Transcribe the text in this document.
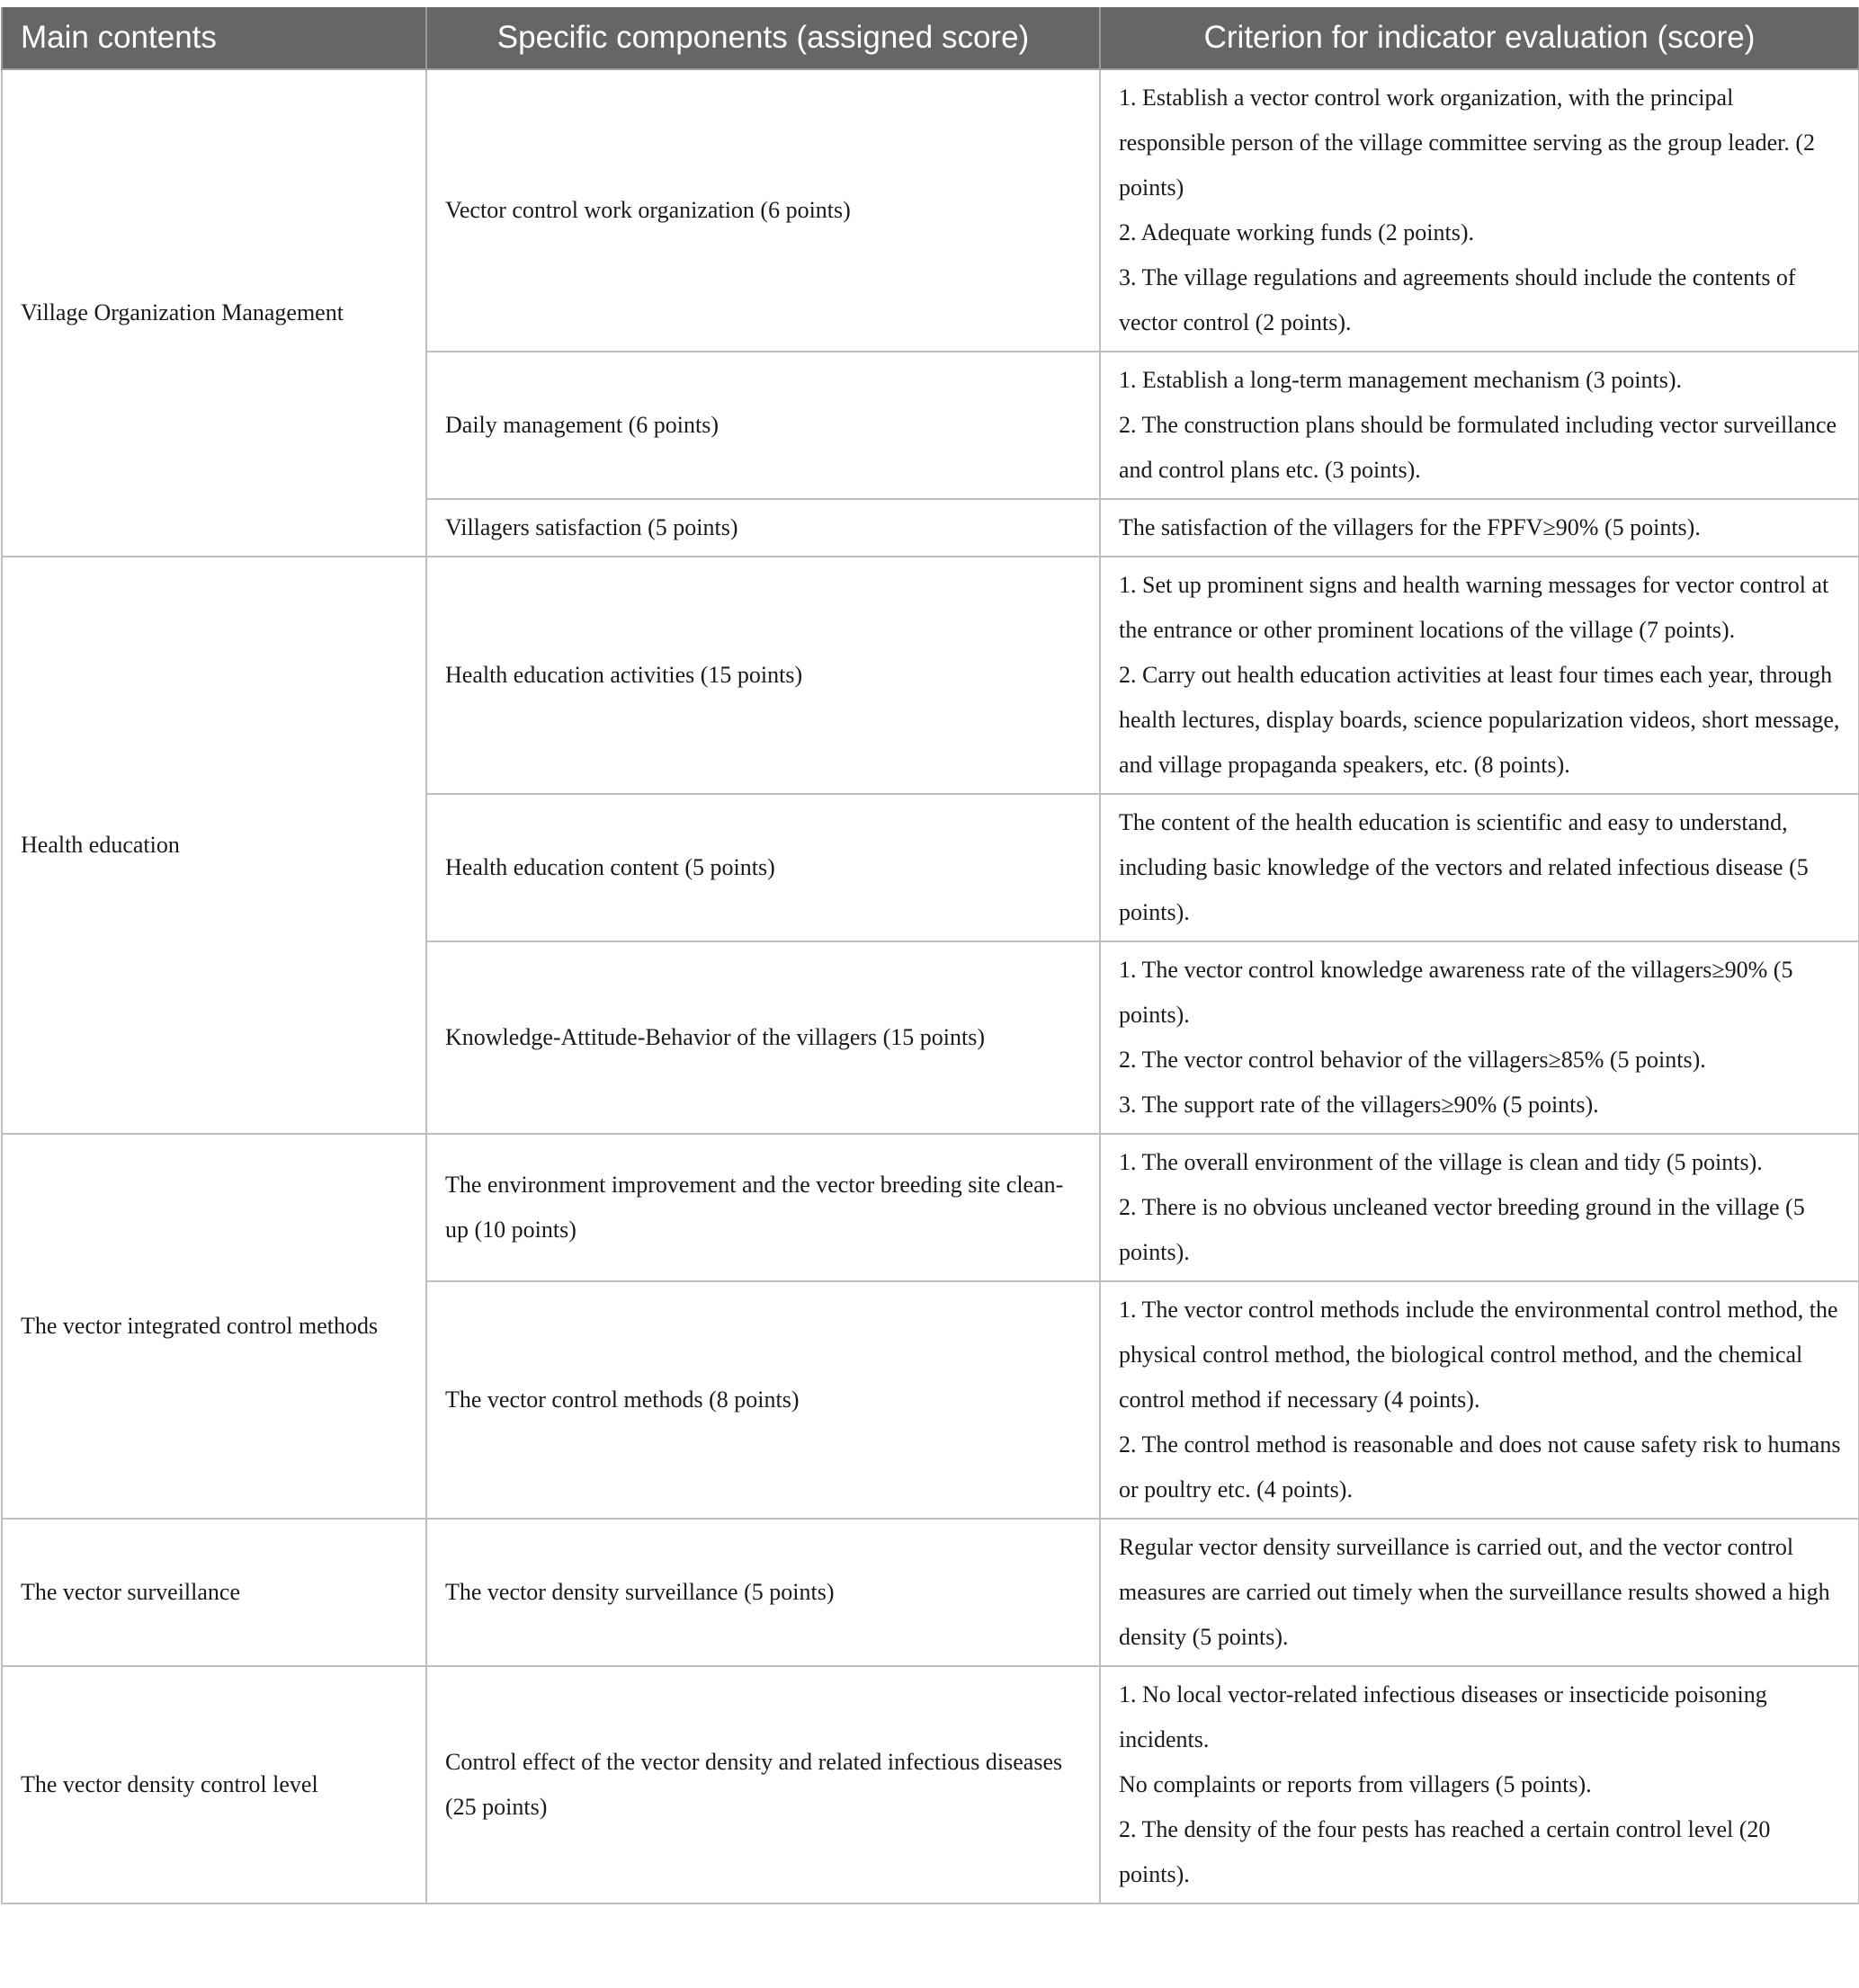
Main contents	Specific components (assigned score)	Criterion for indicator evaluation (score)
Village Organization Management	Vector control work organization (6 points)	1. Establish a vector control work organization, with the principal responsible person of the village committee serving as the group leader. (2 points)
2. Adequate working funds (2 points).
3. The village regulations and agreements should include the contents of vector control (2 points).

	Daily management (6 points)	1. Establish a long-term management mechanism (3 points).
2. The construction plans should be formulated including vector surveillance and control plans etc. (3 points).

	Villagers satisfaction (5 points)	The satisfaction of the villagers for the FPFV≥90% (5 points).

Health education	Health education activities (15 points)	1. Set up prominent signs and health warning messages for vector control at the entrance or other prominent locations of the village (7 points).
2. Carry out health education activities at least four times each year, through health lectures, display boards, science popularization videos, short message, and village propaganda speakers, etc. (8 points).

	Health education content (5 points)	The content of the health education is scientific and easy to understand, including basic knowledge of the vectors and related infectious disease (5 points).

	Knowledge-Attitude-Behavior of the villagers (15 points)	1. The vector control knowledge awareness rate of the villagers≥90% (5 points).
2. The vector control behavior of the villagers≥85% (5 points).
3. The support rate of the villagers≥90% (5 points).

The vector integrated control methods	The environment improvement and the vector breeding site clean-up (10 points)	1. The overall environment of the village is clean and tidy (5 points).
2. There is no obvious uncleaned vector breeding ground in the village (5 points).

	The vector control methods (8 points)	1. The vector control methods include the environmental control method, the physical control method, the biological control method, and the chemical control method if necessary (4 points).
2. The control method is reasonable and does not cause safety risk to humans or poultry etc. (4 points).

The vector surveillance	The vector density surveillance (5 points)	Regular vector density surveillance is carried out, and the vector control measures are carried out timely when the surveillance results showed a high density (5 points).

The vector density control level	Control effect of the vector density and related infectious diseases (25 points)	1. No local vector-related infectious diseases or insecticide poisoning incidents.
No complaints or reports from villagers (5 points).
2. The density of the four pests has reached a certain control level (20 points).
